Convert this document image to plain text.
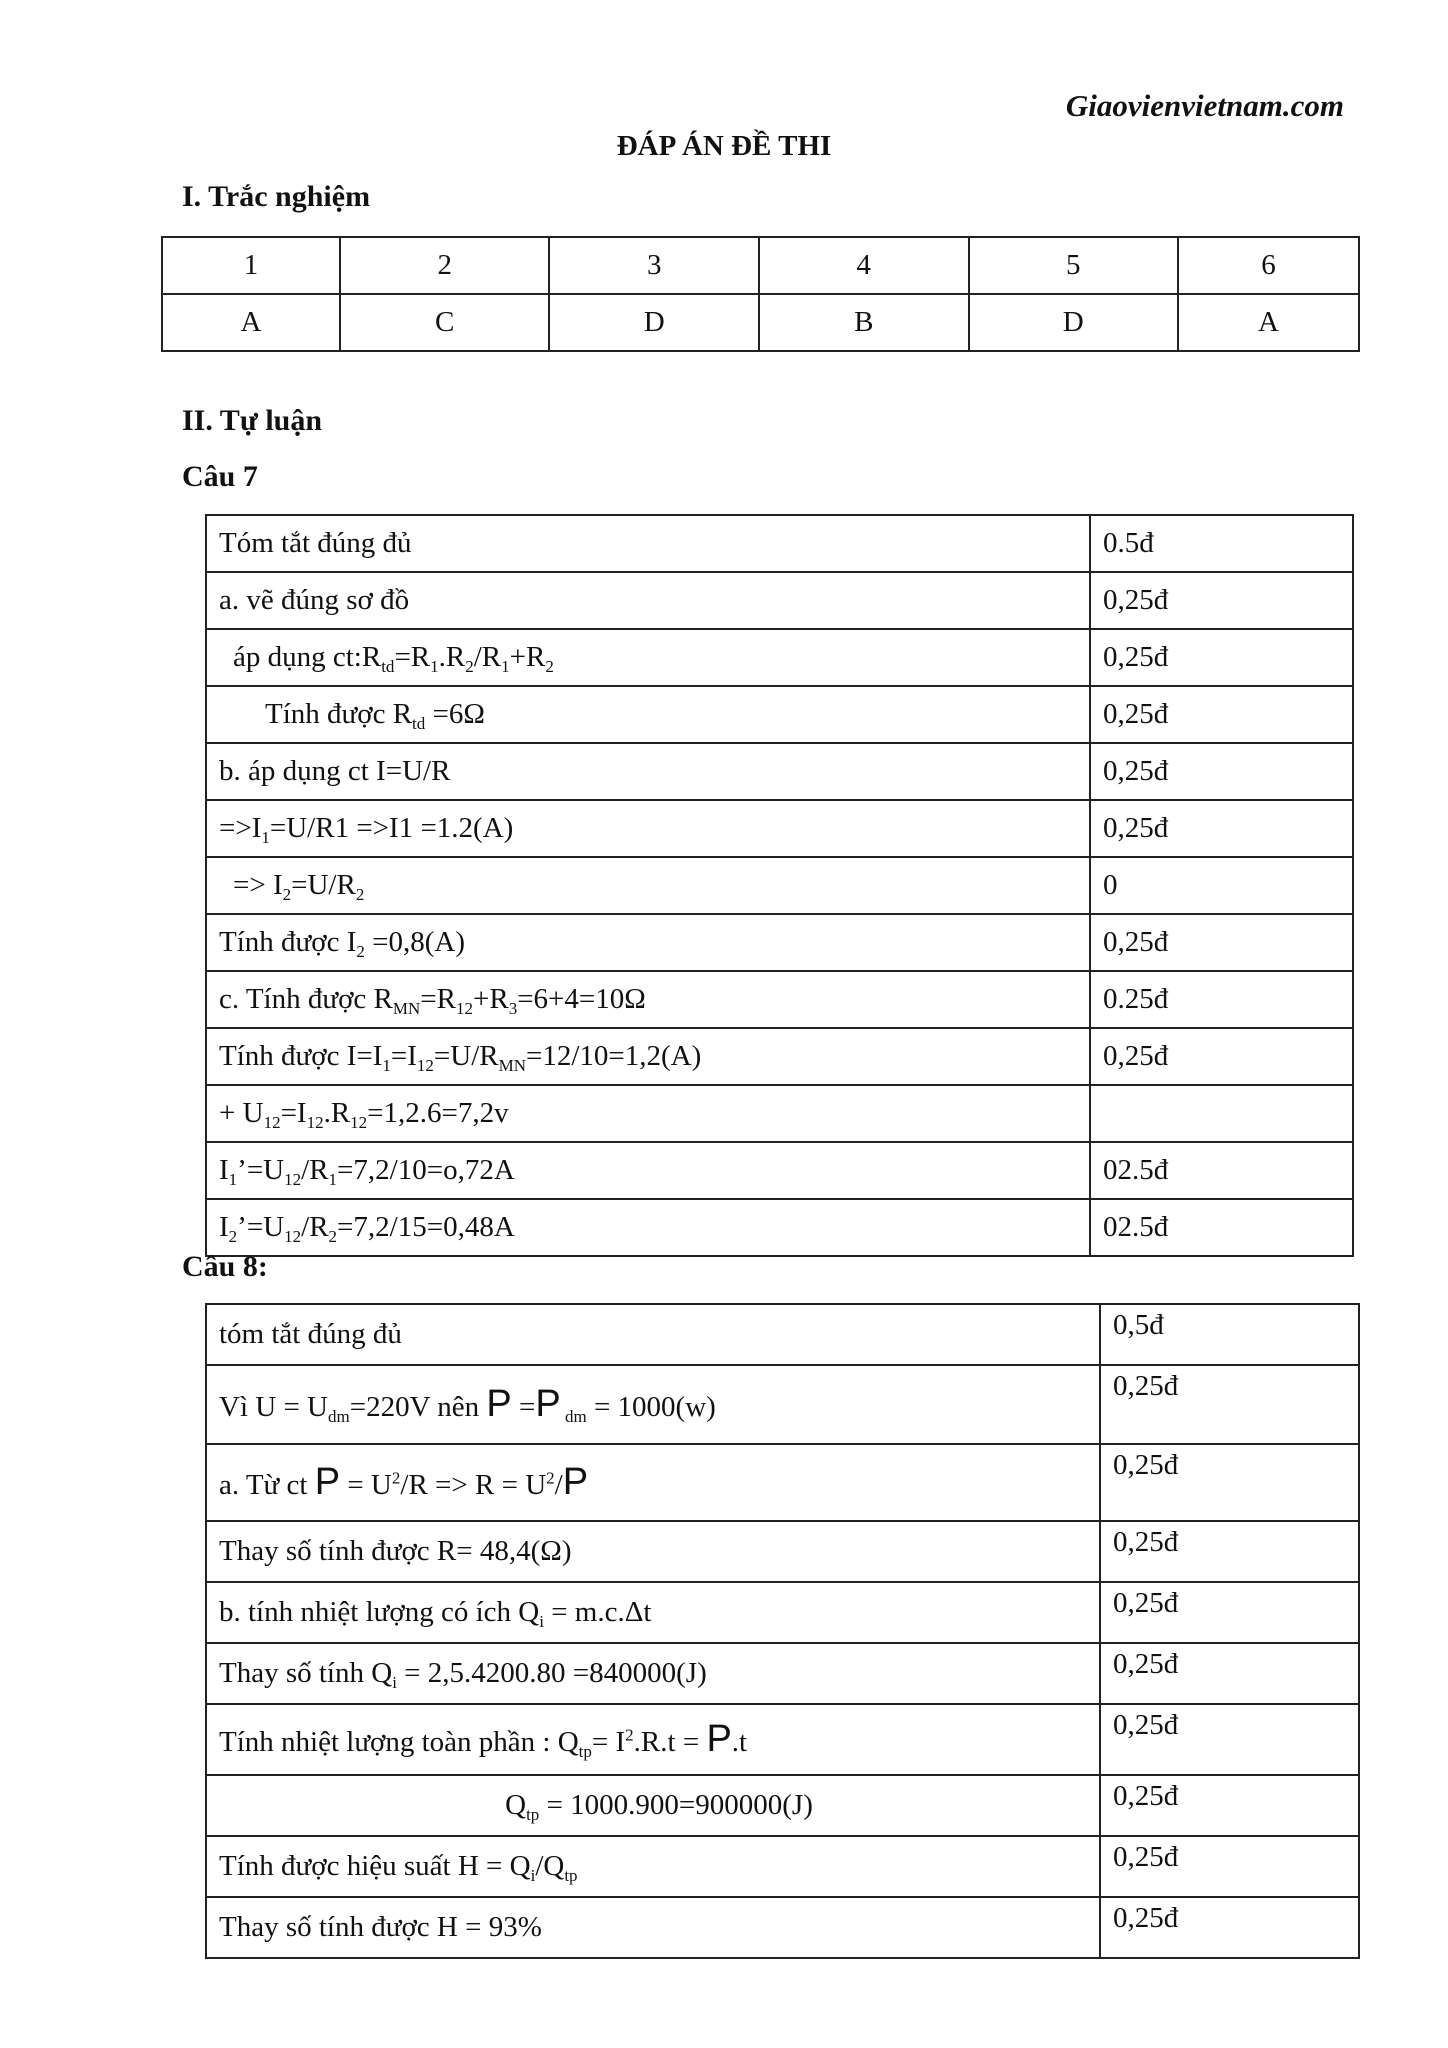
Giaovienvietnam.com
ĐÁP ÁN ĐỀ THI
I. Trắc nghiệm
1	2	3	4	5	6
A	C	D	B	D	A
II. Tự luận
Câu 7
Tóm tắt đúng đủ	0.5đ
a. vẽ đúng sơ đồ	0,25đ
áp dụng $ct:R_{td}=R_1.R_2/R_1+R_2$	0,25đ
Tính được $R_{td} =6\Omega$	0,25đ
b. áp dụng ct I=U/R	0,25đ
$=>I_1=U/R1 =>I1 =1.2(A)$	0,25đ
=> $I_2=U/R_2$	0
Tính được $I_2 =0,8(A)$	0,25đ
c. Tính được $R_{MN}=R_{12}+R_3=6+4=10\Omega$	0.25đ
Tính được $I=I_1=I_{12}=U/R_{MN}=12/10=1,2(A)$	0,25đ
+ $U_{12}=I_{12}.R_{12}=1,2.6=7,2v$	
$I_1’=U_{12}/R_1=7,2/10=o,72A$	02.5đ
$I_2’=U_{12}/R_2=7,2/15=0,48A$	02.5đ
Câu 8:
tóm tắt đúng đủ	0,5đ
Vì $U = U_{dm}=220V$ nên P =P $_{dm}$ = 1000(w)	0,25đ
a. Từ ct $P = U^2/R => R = U^2/P$	0,25đ
Thay số tính được R= 48,4(Ω)	0,25đ
b. tính nhiệt lượng có ích $Q_i = m.c.\Delta t$	0,25đ
Thay số tính $Q_i = 2,5.4200.80 =840000(J)$	0,25đ
Tính nhiệt lượng toàn phần : $Q_{tp}= I^2.R.t = P.t$	0,25đ
$Q_{tp} = 1000.900=900000(J)$	0,25đ
Tính được hiệu suất $H = Q_i/Q_{tp}$	0,25đ
Thay số tính được H = 93%	0,25đ
